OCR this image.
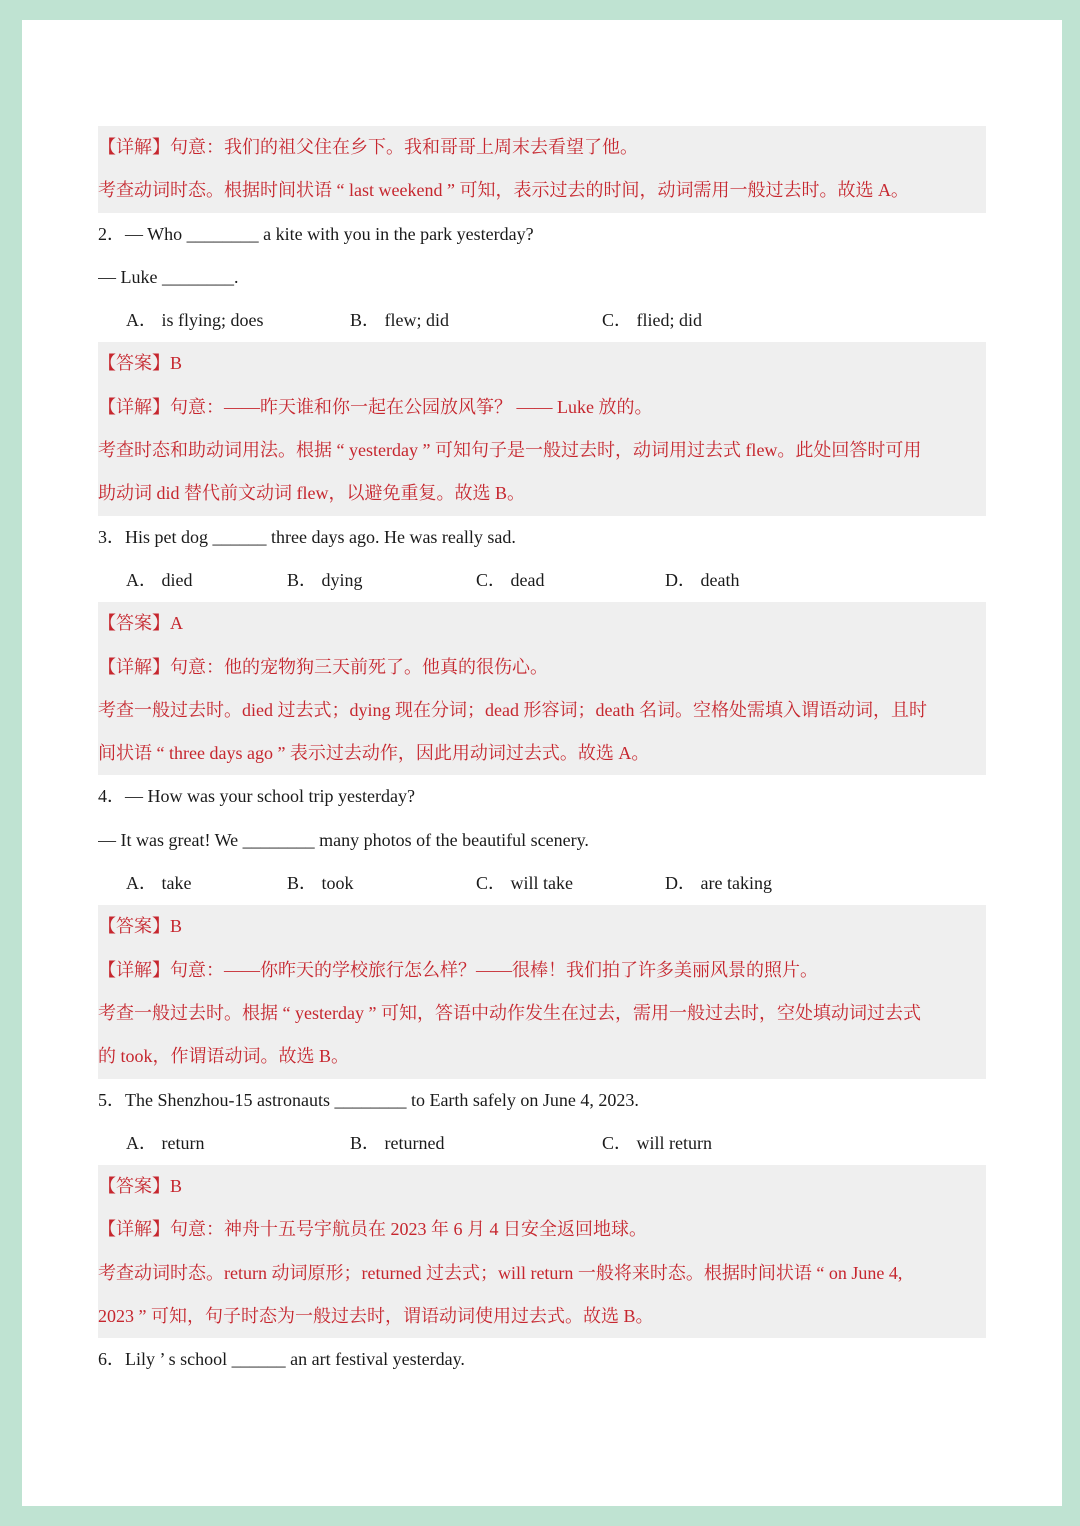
【详解】句意：我们的祖父住在乡下。我和哥哥上周末去看望了他。
考查动词时态。根据时间状语 “ last weekend ” 可知，表示过去的时间，动词需用一般过去时。故选 A。
2．— Who ________ a kite with you in the park yesterday?
— Luke ________.
A． is flying; does	B． flew; did	C． flied; did
【答案】B
【详解】句意：——昨天谁和你一起在公园放风筝？ —— Luke 放的。
考查时态和助动词用法。根据 “ yesterday ” 可知句子是一般过去时，动词用过去式 flew。此处回答时可用
助动词 did 替代前文动词 flew，以避免重复。故选 B。
3．His pet dog ______ three days ago. He was really sad.
A． died	B． dying	C． dead	D． death
【答案】A
【详解】句意：他的宠物狗三天前死了。他真的很伤心。
考查一般过去时。died 过去式；dying 现在分词；dead 形容词；death 名词。空格处需填入谓语动词，且时
间状语 “ three days ago ” 表示过去动作，因此用动词过去式。故选 A。
4．— How was your school trip yesterday?
— It was great! We ________ many photos of the beautiful scenery.
A． take	B． took	C． will take	D． are taking
【答案】B
【详解】句意：——你昨天的学校旅行怎么样？——很棒！我们拍了许多美丽风景的照片。
考查一般过去时。根据 “ yesterday ” 可知，答语中动作发生在过去，需用一般过去时，空处填动词过去式
的 took，作谓语动词。故选 B。
5．The Shenzhou-15 astronauts ________ to Earth safely on June 4, 2023.
A． return	B． returned	C． will return
【答案】B
【详解】句意：神舟十五号宇航员在 2023 年 6 月 4 日安全返回地球。
考查动词时态。return 动词原形；returned 过去式；will return 一般将来时态。根据时间状语 “ on June 4,
2023 ” 可知，句子时态为一般过去时，谓语动词使用过去式。故选 B。
6．Lily ’ s school ______ an art festival yesterday.
